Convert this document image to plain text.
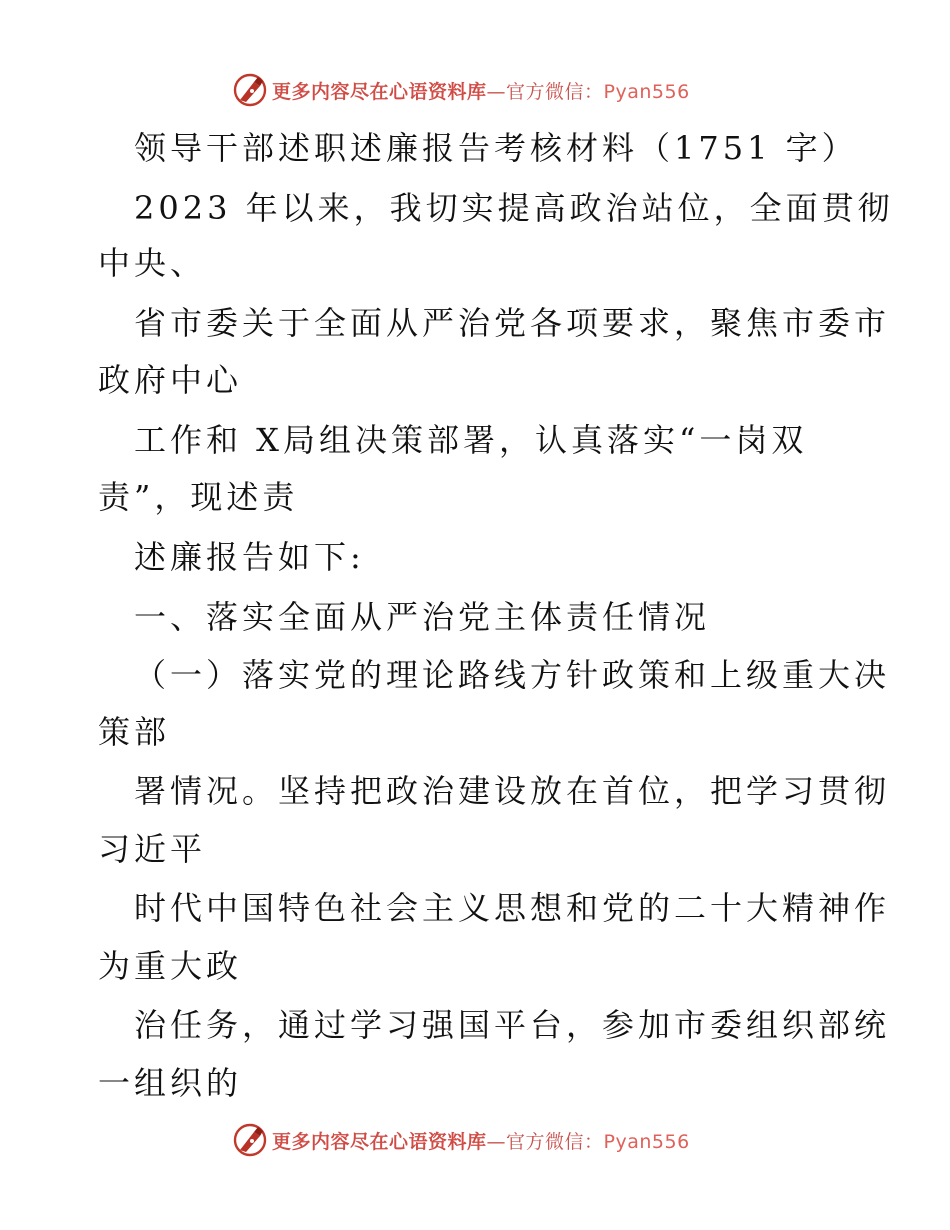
更多内容尽在心语资料库—官方微信：Pyan556
领导干部述职述廉报告考核材料（1751 字）
2023 年以来，我切实提高政治站位，全面贯彻
中央、
省市委关于全面从严治党各项要求，聚焦市委市
政府中心
工作和 X局组决策部署，认真落实“一岗双
责”，现述责
述廉报告如下:
一、落实全面从严治党主体责任情况
（一）落实党的理论路线方针政策和上级重大决
策部
署情况。坚持把政治建设放在首位，把学习贯彻
习近平
时代中国特色社会主义思想和党的二十大精神作
为重大政
治任务，通过学习强国平台，参加市委组织部统
一组织的
更多内容尽在心语资料库—官方微信：Pyan556
